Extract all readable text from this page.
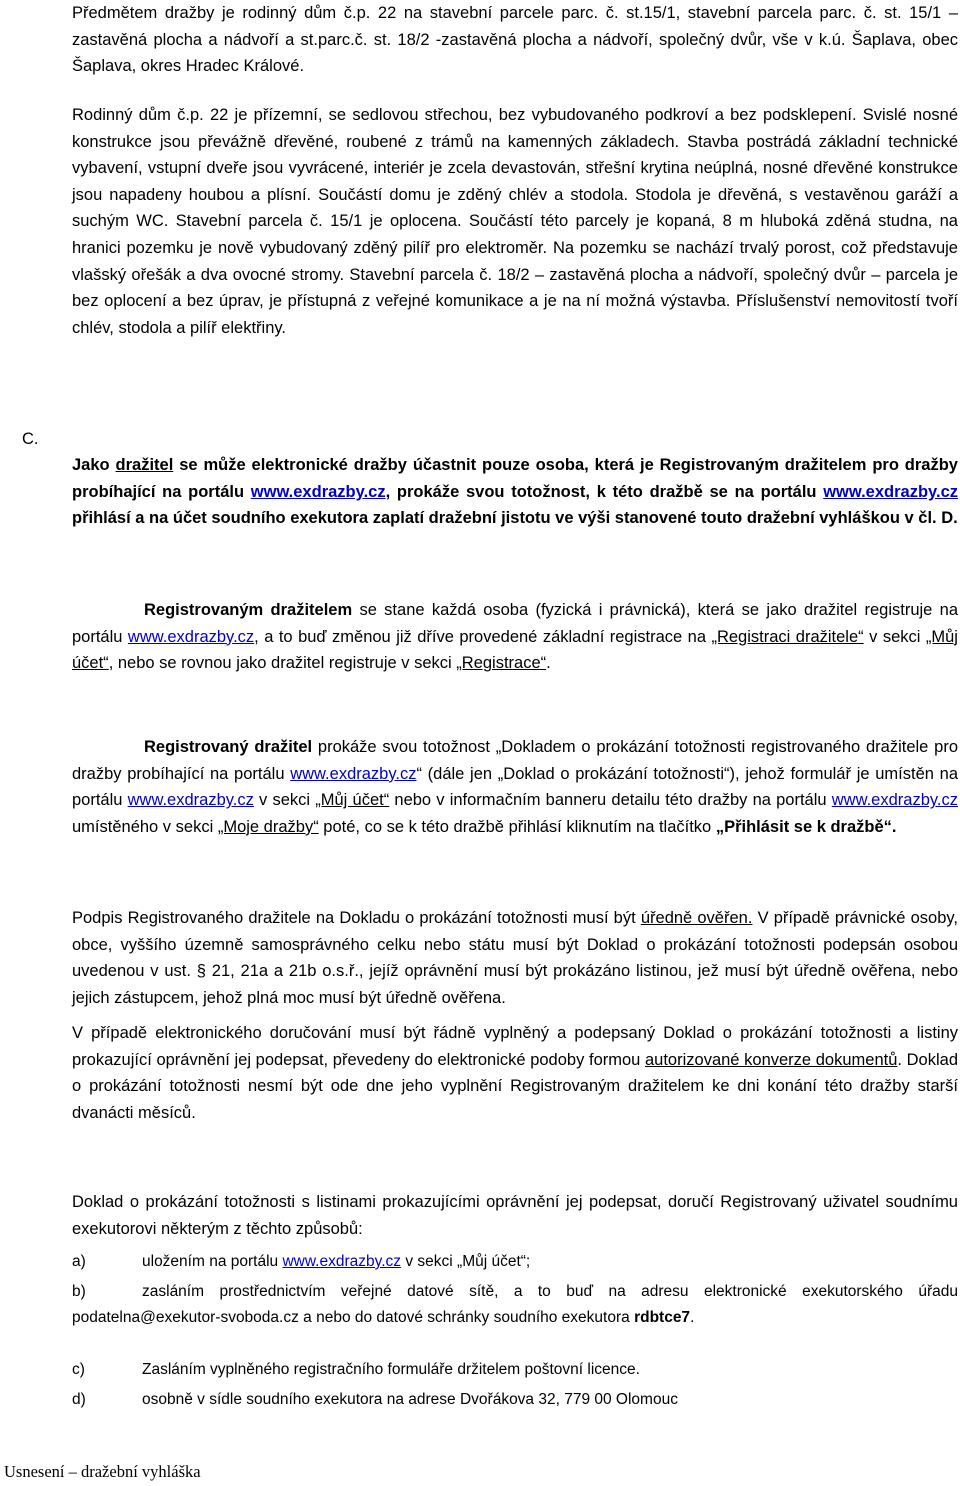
Předmětem dražby je rodinný dům č.p. 22 na stavební parcele parc. č. st.15/1, stavební parcela parc. č. st. 15/1 – zastavěná plocha a nádvoří a st.parc.č. st. 18/2 -zastavěná plocha a nádvoří, společný dvůr, vše v k.ú. Šaplava, obec Šaplava, okres Hradec Králové.
Rodinný dům č.p. 22 je přízemní, se sedlovou střechou, bez vybudovaného podkroví a bez podsklepení. Svislé nosné konstrukce jsou převážně dřevěné, roubené z trámů na kamenných základech. Stavba postrádá základní technické vybavení, vstupní dveře jsou vyvrácené, interiér je zcela devastován, střešní krytina neúplná, nosné dřevěné konstrukce jsou napadeny houbou a plísní. Součástí domu je zděný chlév a stodola. Stodola je dřevěná, s vestavěnou garáží a suchým WC. Stavební parcela č. 15/1 je oplocena. Součástí této parcely je kopaná, 8 m hluboká zděná studna, na hranici pozemku je nově vybudovaný zděný pilíř pro elektroměr. Na pozemku se nachází trvalý porost, což představuje vlašský ořešák a dva ovocné stromy. Stavební parcela č. 18/2 – zastavěná plocha a nádvoří, společný dvůr – parcela je bez oplocení a bez úprav, je přístupná z veřejné komunikace a je na ní možná výstavba. Příslušenství nemovitostí tvoří chlév, stodola a pilíř elektřiny.
C.
Jako dražitel se může elektronické dražby účastnit pouze osoba, která je Registrovaným dražitelem pro dražby probíhající na portálu www.exdrazby.cz, prokáže svou totožnost, k této dražbě se na portálu www.exdrazby.cz přihlásí a na účet soudního exekutora zaplatí dražební jistotu ve výši stanovené touto dražební vyhláškou v čl. D.
Registrovaným dražitelem se stane každá osoba (fyzická i právnická), která se jako dražitel registruje na portálu www.exdrazby.cz, a to buď změnou již dříve provedené základní registrace na „Registraci dražitele“ v sekci „Můj účet“, nebo se rovnou jako dražitel registruje v sekci „Registrace“.
Registrovaný dražitel prokáže svou totožnost „Dokladem o prokázání totožnosti registrovaného dražitele pro dražby probíhající na portálu www.exdrazby.cz“ (dále jen „Doklad o prokázání totožnosti“), jehož formulář je umístěn na portálu www.exdrazby.cz v sekci „Můj účet“ nebo v informačním banneru detailu této dražby na portálu www.exdrazby.cz umístěného v sekci „Moje dražby“ poté, co se k této dražbě přihlásí kliknutím na tlačítko „Přihlásit se k dražbě“.
Podpis Registrovaného dražitele na Dokladu o prokázání totožnosti musí být úředně ověřen. V případě právnické osoby, obce, vyššího územně samosprávného celku nebo státu musí být Doklad o prokázání totožnosti podepsán osobou uvedenou v ust. § 21, 21a a 21b o.s.ř., jejíž oprávnění musí být prokázáno listinou, jež musí být úředně ověřena, nebo jejich zástupcem, jehož plná moc musí být úředně ověřena.
V případě elektronického doručování musí být řádně vyplněný a podepsaný Doklad o prokázání totožnosti a listiny prokazující oprávnění jej podepsat, převedeny do elektronické podoby formou autorizované konverze dokumentů. Doklad o prokázání totožnosti nesmí být ode dne jeho vyplnění Registrovaným dražitelem ke dni konání této dražby starší dvanácti měsíců.
Doklad o prokázání totožnosti s listinami prokazujícími oprávnění jej podepsat, doručí Registrovaný uživatel soudnímu exekutorovi některým z těchto způsobů:
a)	uložením na portálu www.exdrazby.cz v sekci „Můj účet“;
b)	zasláním prostřednictvím veřejné datové sítě, a to buď na adresu elektronické exekutorského úřadu podatelna@exekutor-svoboda.cz a nebo do datové schránky soudního exekutora rdbtce7.
c)	Zasláním vyplněného registračního formuláře držitelem poštovní licence.
d)	osobně v sídle soudního exekutora na adrese Dvořákova 32, 779 00 Olomouc
Usnesení – dražební vyhláška
